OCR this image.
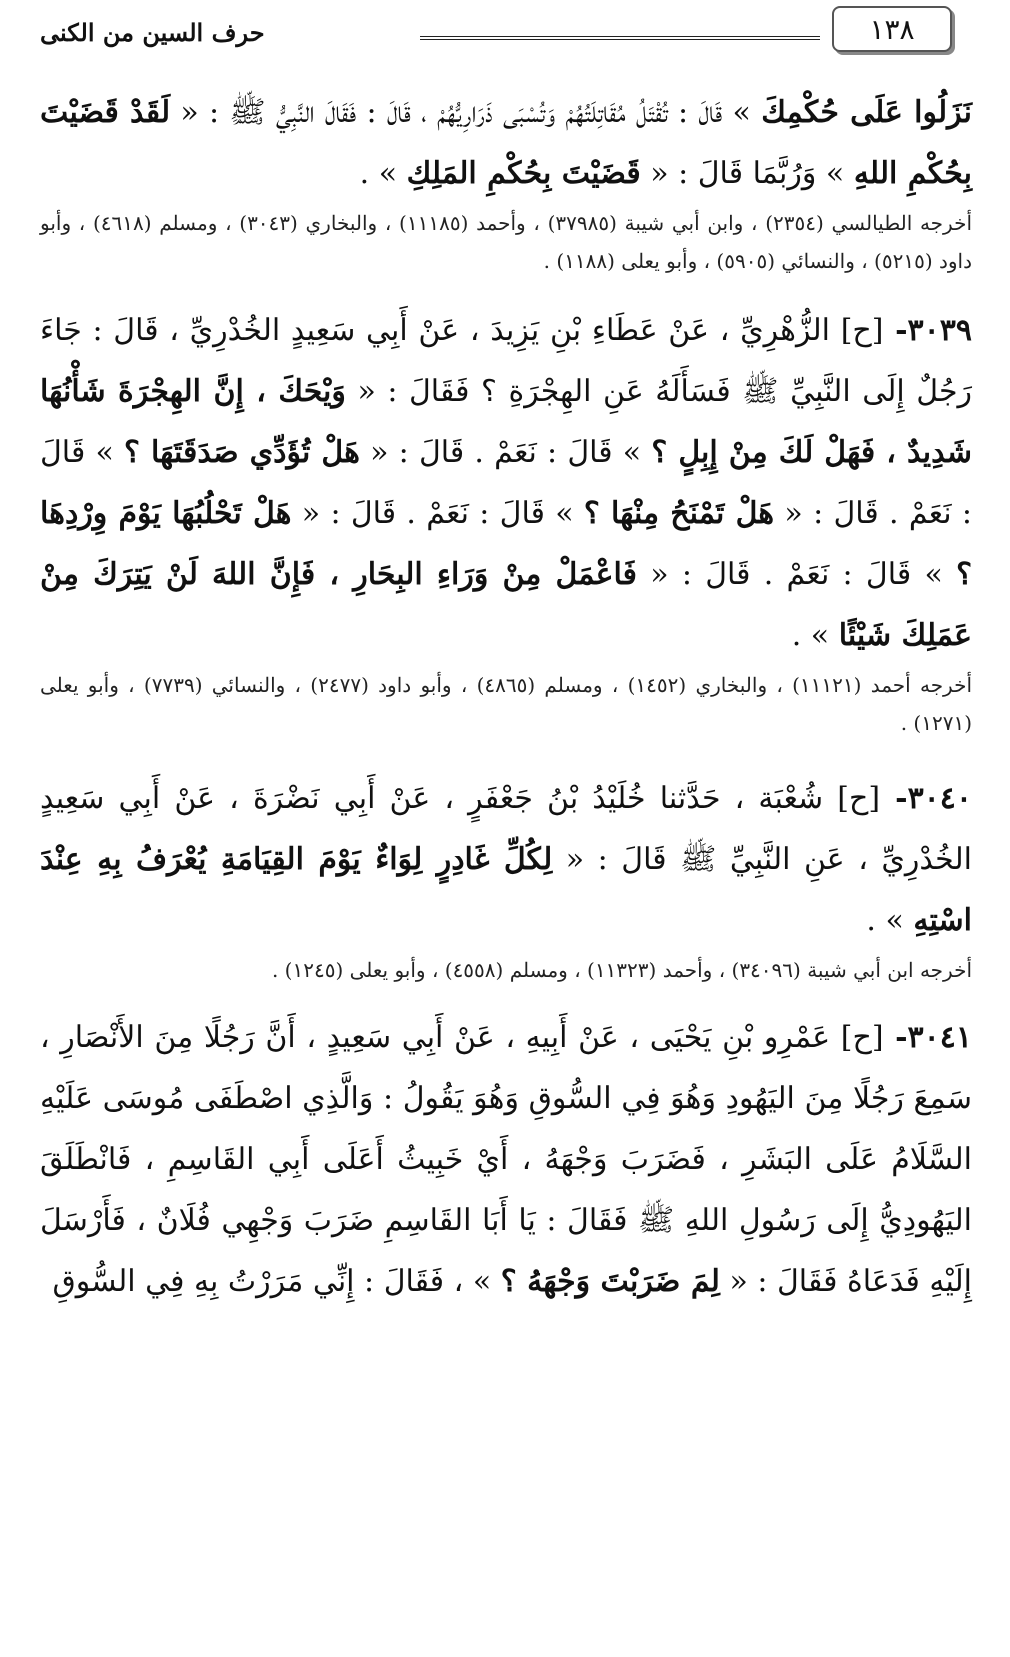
١٣٨
حرف السين من الكنى

نَزَلُوا عَلَى حُكْمِكَ » قَالَ : تُقْتَلُ مُقَاتِلَتُهُمْ وَتُسْبَى ذَرَارِيُّهُمْ ، قَالَ : فَقَالَ النَّبِيُّ ﷺ : « لَقَدْ قَضَيْتَ بِحُكْمِ اللهِ » وَرُبَّمَا قَالَ : « قَضَيْتَ بِحُكْمِ المَلِكِ » .

أخرجه الطيالسي (٢٣٥٤) ، وابن أبي شيبة (٣٧٩٨٥) ، وأحمد (١١١٨٥) ، والبخاري (٣٠٤٣) ، ومسلم (٤٦١٨) ، وأبو داود (٥٢١٥) ، والنسائي (٥٩٠٥) ، وأبو يعلى (١١٨٨) .

٣٠٣٩- [ح] الزُّهْرِيِّ ، عَنْ عَطَاءِ بْنِ يَزِيدَ ، عَنْ أَبِي سَعِيدٍ الخُدْرِيِّ ، قَالَ : جَاءَ رَجُلٌ إِلَى النَّبِيِّ ﷺ فَسَأَلَهُ عَنِ الهِجْرَةِ ؟ فَقَالَ : « وَيْحَكَ ، إِنَّ الهِجْرَةَ شَأْنُهَا شَدِيدٌ ، فَهَلْ لَكَ مِنْ إِبِلٍ ؟ » قَالَ : نَعَمْ . قَالَ : « هَلْ تُؤَدِّي صَدَقَتَهَا ؟ » قَالَ : نَعَمْ . قَالَ : « هَلْ تَمْنَحُ مِنْهَا ؟ » قَالَ : نَعَمْ . قَالَ : « هَلْ تَحْلُبُهَا يَوْمَ وِرْدِهَا ؟ » قَالَ : نَعَمْ . قَالَ : « فَاعْمَلْ مِنْ وَرَاءِ البِحَارِ ، فَإِنَّ اللهَ لَنْ يَتِرَكَ مِنْ عَمَلِكَ شَيْئًا » .

أخرجه أحمد (١١١٢١) ، والبخاري (١٤٥٢) ، ومسلم (٤٨٦٥) ، وأبو داود (٢٤٧٧) ، والنسائي (٧٧٣٩) ، وأبو يعلى (١٢٧١) .

٣٠٤٠- [ح] شُعْبَة ، حَدَّثنا خُلَيْدُ بْنُ جَعْفَرٍ ، عَنْ أَبِي نَضْرَةَ ، عَنْ أَبِي سَعِيدٍ الخُدْرِيِّ ، عَنِ النَّبِيِّ ﷺ قَالَ : « لِكُلِّ غَادِرٍ لِوَاءٌ يَوْمَ القِيَامَةِ يُعْرَفُ بِهِ عِنْدَ اسْتِهِ » .

أخرجه ابن أبي شيبة (٣٤٠٩٦) ، وأحمد (١١٣٢٣) ، ومسلم (٤٥٥٨) ، وأبو يعلى (١٢٤٥) .

٣٠٤١- [ح] عَمْرِو بْنِ يَحْيَى ، عَنْ أَبِيهِ ، عَنْ أَبِي سَعِيدٍ ، أَنَّ رَجُلًا مِنَ الأَنْصَارِ ، سَمِعَ رَجُلًا مِنَ اليَهُودِ وَهُوَ فِي السُّوقِ وَهُوَ يَقُولُ : وَالَّذِي اصْطَفَى مُوسَى عَلَيْهِ السَّلَامُ عَلَى البَشَرِ ، فَضَرَبَ وَجْهَهُ ، أَيْ خَبِيثُ أَعَلَى أَبِي القَاسِمِ ، فَانْطَلَقَ اليَهُودِيُّ إِلَى رَسُولِ اللهِ ﷺ فَقَالَ : يَا أَبَا القَاسِمِ ضَرَبَ وَجْهِي فُلَانٌ ، فَأَرْسَلَ إِلَيْهِ فَدَعَاهُ فَقَالَ : « لِمَ ضَرَبْتَ وَجْهَهُ ؟ » ، فَقَالَ : إِنِّي مَرَرْتُ بِهِ فِي السُّوقِ
